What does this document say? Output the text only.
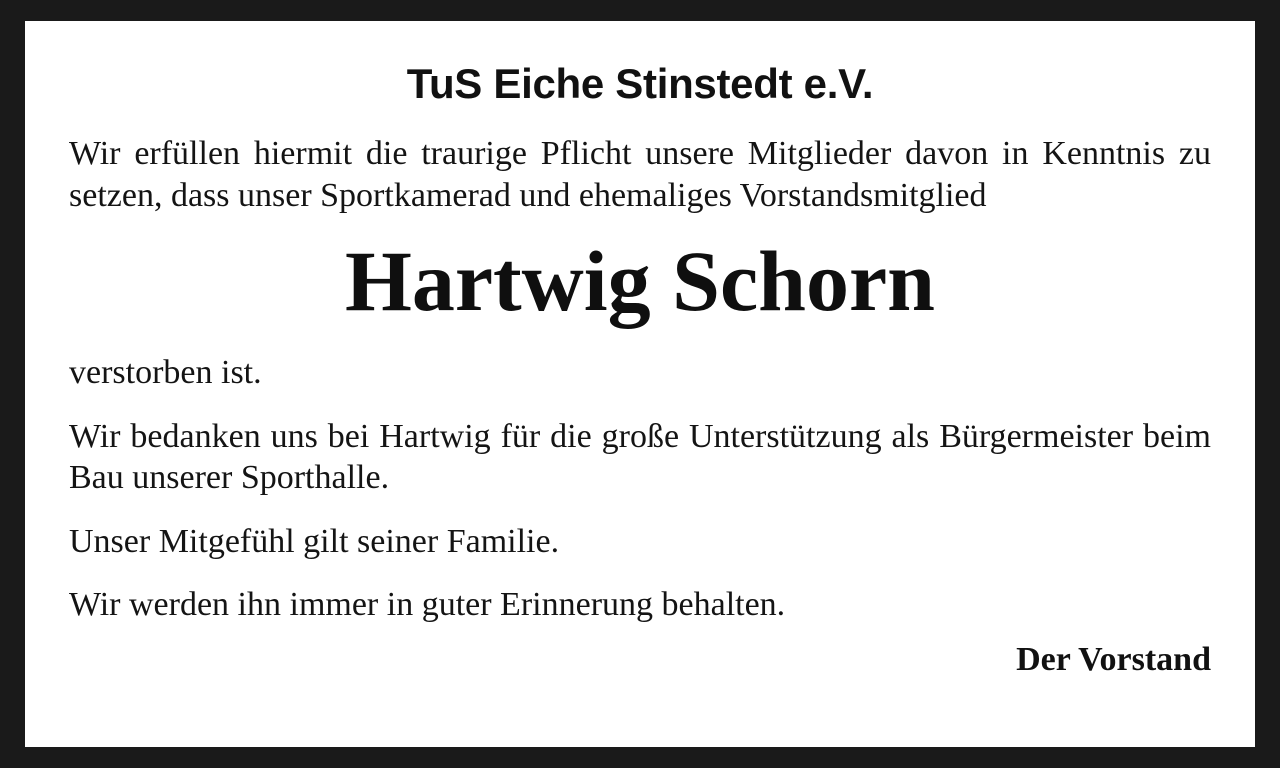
TuS Eiche Stinstedt e.V.

Wir erfüllen hiermit die traurige Pflicht unsere Mitglieder davon in Kenntnis zu setzen, dass unser Sportkamerad und ehemaliges Vorstandsmitglied

Hartwig Schorn

verstorben ist.

Wir bedanken uns bei Hartwig für die große Unterstützung als Bürgermeister beim Bau unserer Sporthalle.

Unser Mitgefühl gilt seiner Familie.

Wir werden ihn immer in guter Erinnerung behalten.

Der Vorstand
